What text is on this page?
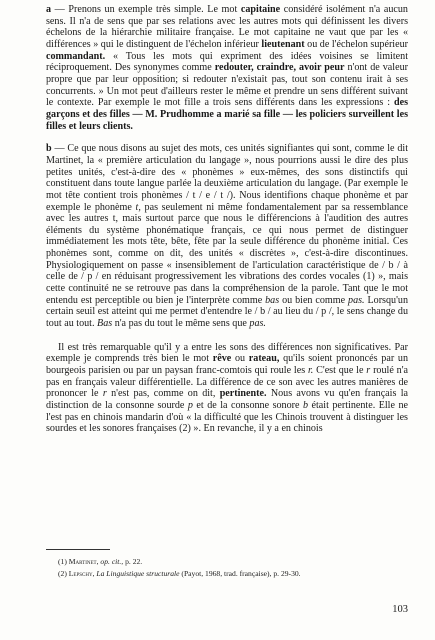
a — Prenons un exemple très simple. Le mot capitaine considéré isolément n'a aucun sens. Il n'a de sens que par ses relations avec les autres mots qui définissent les divers échelons de la hiérarchie militaire française. Le mot capitaine ne vaut que par les « différences » qui le distinguent de l'échelon inférieur lieutenant ou de l'échelon supérieur commandant. « Tous les mots qui expriment des idées voisines se limitent réciproquement. Des synonymes comme redouter, craindre, avoir peur n'ont de valeur propre que par leur opposition; si redouter n'existait pas, tout son contenu irait à ses concurrents. » Un mot peut d'ailleurs rester le même et prendre un sens différent suivant le contexte. Par exemple le mot fille a trois sens différents dans les expressions : des garçons et des filles — M. Prudhomme a marié sa fille — les policiers surveillent les filles et leurs clients.

b — Ce que nous disons au sujet des mots, ces unités signifiantes qui sont, comme le dit Martinet, la « première articulation du langage », nous pourrions aussi le dire des plus petites unités, c'est-à-dire des « phonèmes » eux-mêmes, des sons distinctifs qui constituent dans toute langue parlée la deuxième articulation du langage. (Par exemple le mot tête contient trois phonèmes / t / e / t /). Nous identifions chaque phonème et par exemple le phonème t, pas seulement ni même fondamentalement par sa ressemblance avec les autres t, mais surtout parce que nous le différencions à l'audition des autres éléments du système phonématique français, ce qui nous permet de distinguer immédiatement les mots tête, bête, fête par la seule différence du phonème initial. Ces phonèmes sont, comme on dit, des unités « discrètes », c'est-à-dire discontinues. Physiologiquement on passe « insensiblement de l'articulation caractéristique de / b / à celle de / p / en réduisant progressivement les vibrations des cordes vocales (1) », mais cette continuité ne se retrouve pas dans la compréhension de la parole. Tant que le mot entendu est perceptible ou bien je l'interprète comme bas ou bien comme pas. Lorsqu'un certain seuil est atteint qui me permet d'entendre le / b / au lieu du / p /, le sens change du tout au tout. Bas n'a pas du tout le même sens que pas.

Il est très remarquable qu'il y a entre les sons des différences non significatives. Par exemple je comprends très bien le mot rêve ou rateau, qu'ils soient prononcés par un bourgeois parisien ou par un paysan franc-comtois qui roule les r. C'est que le r roulé n'a pas en français valeur différentielle. La différence de ce son avec les autres manières de prononcer le r n'est pas, comme on dit, pertinente. Nous avons vu qu'en français la distinction de la consonne sourde p et de la consonne sonore b était pertinente. Elle ne l'est pas en chinois mandarin d'où « la difficulté que les Chinois trouvent à distinguer les sourdes et les sonores françaises (2) ». En revanche, il y a en chinois

(1) Martinet, op. cit., p. 22.

(2) Lepschy, La Linguistique structurale (Payot, 1968, trad. française), p. 29-30.

103
